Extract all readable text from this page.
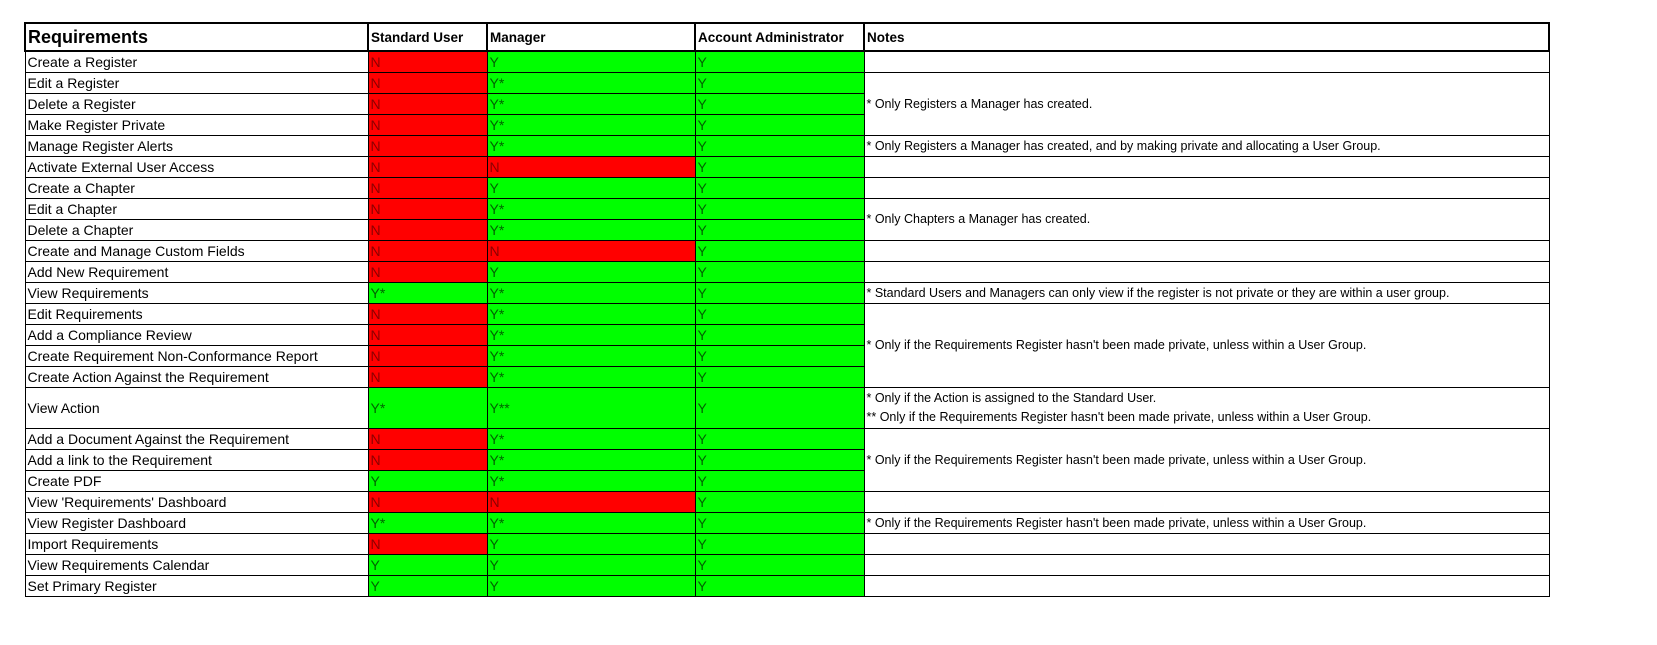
Requirements	Standard User	Manager	Account Administrator	Notes
Create a Register	N	Y	Y	
Edit a Register	N	Y*	Y	* Only Registers a Manager has created.

Delete a Register	N	Y*	Y	
Make Register Private	N	Y*	Y	
Manage Register Alerts	N	Y*	Y	* Only Registers a Manager has created, and by making private and allocating a User Group.

Activate External User Access	N	N	Y	
Create a Chapter	N	Y	Y	
Edit a Chapter	N	Y*	Y	* Only Chapters a Manager has created.

Delete a Chapter	N	Y*	Y	
Create and Manage Custom Fields	N	N	Y	
Add New Requirement	N	Y	Y	
View Requirements	Y*	Y*	Y	* Standard Users and Managers can only view if the register is not private or they are within a user group.

Edit Requirements	N	Y*	Y	* Only if the Requirements Register hasn't been made private, unless within a User Group.

Add a Compliance Review	N	Y*	Y	
Create Requirement Non-Conformance Report	N	Y*	Y	
Create Action Against the Requirement	N	Y*	Y	
View Action	Y*	Y**	Y	* Only if the Action is assigned to the Standard User.
** Only if the Requirements Register hasn't been made private, unless within a User Group.

Add a Document Against the Requirement	N	Y*	Y	* Only if the Requirements Register hasn't been made private, unless within a User Group.

Add a link to the Requirement	N	Y*	Y	
Create PDF	Y	Y*	Y	
View 'Requirements' Dashboard	N	N	Y	
View Register Dashboard	Y*	Y*	Y	* Only if the Requirements Register hasn't been made private, unless within a User Group.

Import Requirements	N	Y	Y	
View Requirements Calendar	Y	Y	Y	
Set Primary Register	Y	Y	Y	
